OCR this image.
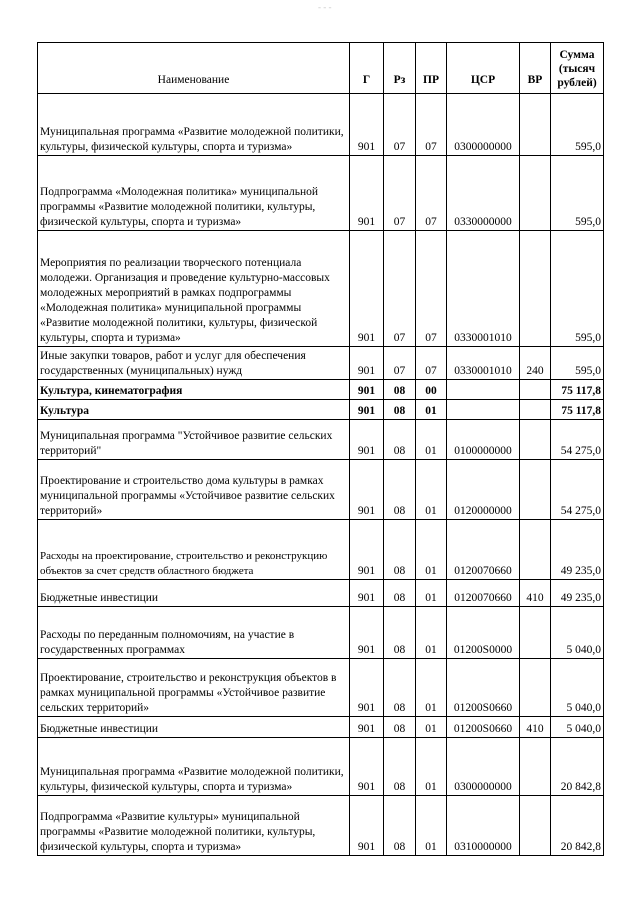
- - -
Наименование	Г	Рз	ПР	ЦСР	ВР	Сумма (тысяч рублей)
Муниципальная программа «Развитие молодежной политики, культуры, физической культуры, спорта и туризма»	901	07	07	0300000000		595,0
Подпрограмма «Молодежная политика» муниципальной программы «Развитие молодежной политики, культуры, физической культуры, спорта и туризма»	901	07	07	0330000000		595,0
Мероприятия по реализации творческого потенциала молодежи. Организация и проведение культурно-массовых молодежных мероприятий в рамках подпрограммы «Молодежная политика» муниципальной программы «Развитие молодежной политики, культуры, физической культуры, спорта и туризма»	901	07	07	0330001010		595,0
Иные закупки товаров, работ и услуг для обеспечения государственных (муниципальных) нужд	901	07	07	0330001010	240	595,0
Культура, кинематография	901	08	00			75 117,8
Культура	901	08	01			75 117,8
Муниципальная программа "Устойчивое развитие сельских территорий"	901	08	01	0100000000		54 275,0
Проектирование и строительство дома культуры в рамках муниципальной программы «Устойчивое развитие сельских территорий»	901	08	01	0120000000		54 275,0
Расходы на проектирование, строительство и реконструкцию объектов за счет средств областного бюджета	901	08	01	0120070660		49 235,0
Бюджетные инвестиции	901	08	01	0120070660	410	49 235,0
Расходы по переданным полномочиям, на участие в государственных программах	901	08	01	01200S0000		5 040,0
Проектирование, строительство и реконструкция объектов в рамках муниципальной программы «Устойчивое развитие сельских территорий»	901	08	01	01200S0660		5 040,0
Бюджетные инвестиции	901	08	01	01200S0660	410	5 040,0
Муниципальная программа «Развитие молодежной политики, культуры, физической культуры, спорта и туризма»	901	08	01	0300000000		20 842,8
Подпрограмма «Развитие культуры» муниципальной программы «Развитие молодежной политики, культуры, физической культуры, спорта и туризма»	901	08	01	0310000000		20 842,8
